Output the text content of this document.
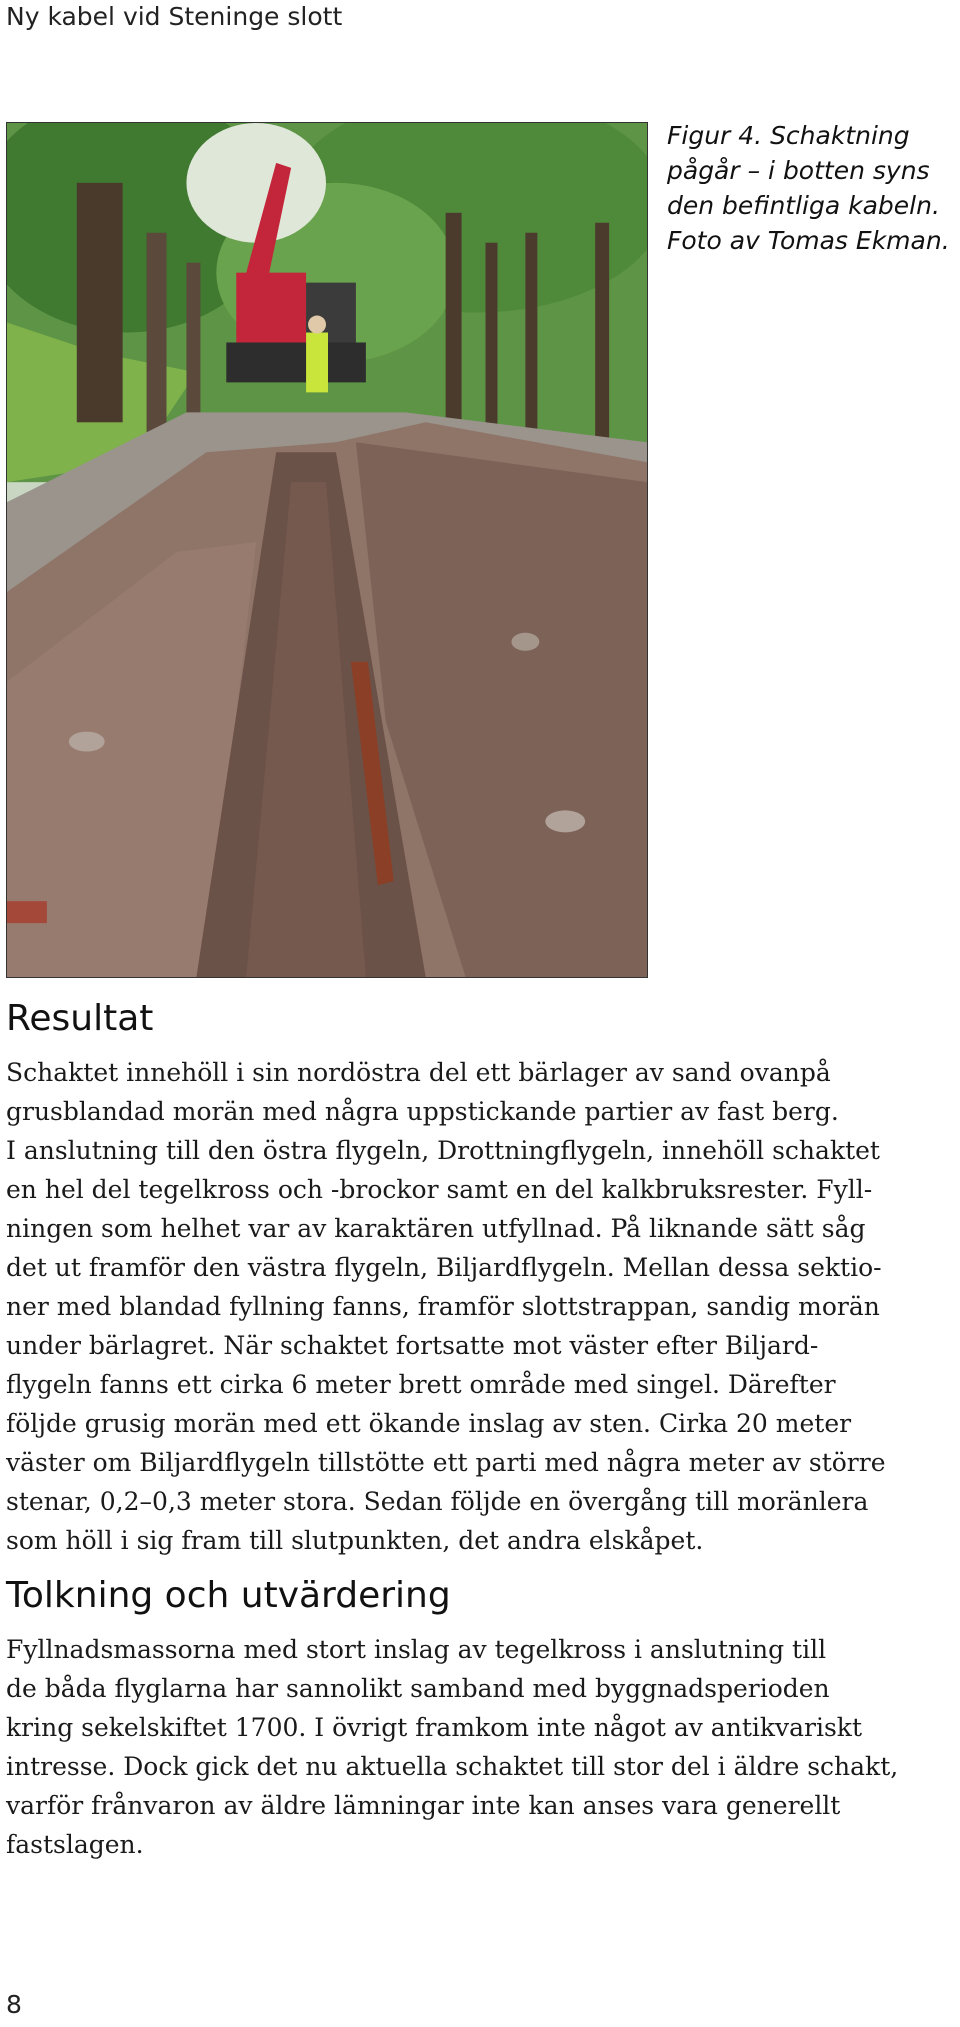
Ny kabel vid Steninge slott
Figur 4. Schaktning
pågår – i botten syns
den befintliga kabeln.
Foto av Tomas Ekman.
Resultat
Schaktet innehöll i sin nordöstra del ett bärlager av sand ovanpå
grusblandad morän med några uppstickande partier av fast berg.
I anslutning till den östra flygeln, Drottningflygeln, innehöll schaktet
en hel del tegelkross och -brockor samt en del kalkbruksrester. Fyll-
ningen som helhet var av karaktären utfyllnad. På liknande sätt såg
det ut framför den västra flygeln, Biljardflygeln. Mellan dessa sektio-
ner med blandad fyllning fanns, framför slottstrappan, sandig morän
under bärlagret. När schaktet fortsatte mot väster efter Biljard-
flygeln fanns ett cirka 6 meter brett område med singel. Därefter
följde grusig morän med ett ökande inslag av sten. Cirka 20 meter
väster om Biljardflygeln tillstötte ett parti med några meter av större
stenar, 0,2–0,3 meter stora. Sedan följde en övergång till moränlera
som höll i sig fram till slutpunkten, det andra elskåpet.
Tolkning och utvärdering
Fyllnadsmassorna med stort inslag av tegelkross i anslutning till
de båda flyglarna har sannolikt samband med byggnadsperioden
kring sekelskiftet 1700. I övrigt framkom inte något av antikvariskt
intresse. Dock gick det nu aktuella schaktet till stor del i äldre schakt,
varför frånvaron av äldre lämningar inte kan anses vara generellt
fastslagen.
8
